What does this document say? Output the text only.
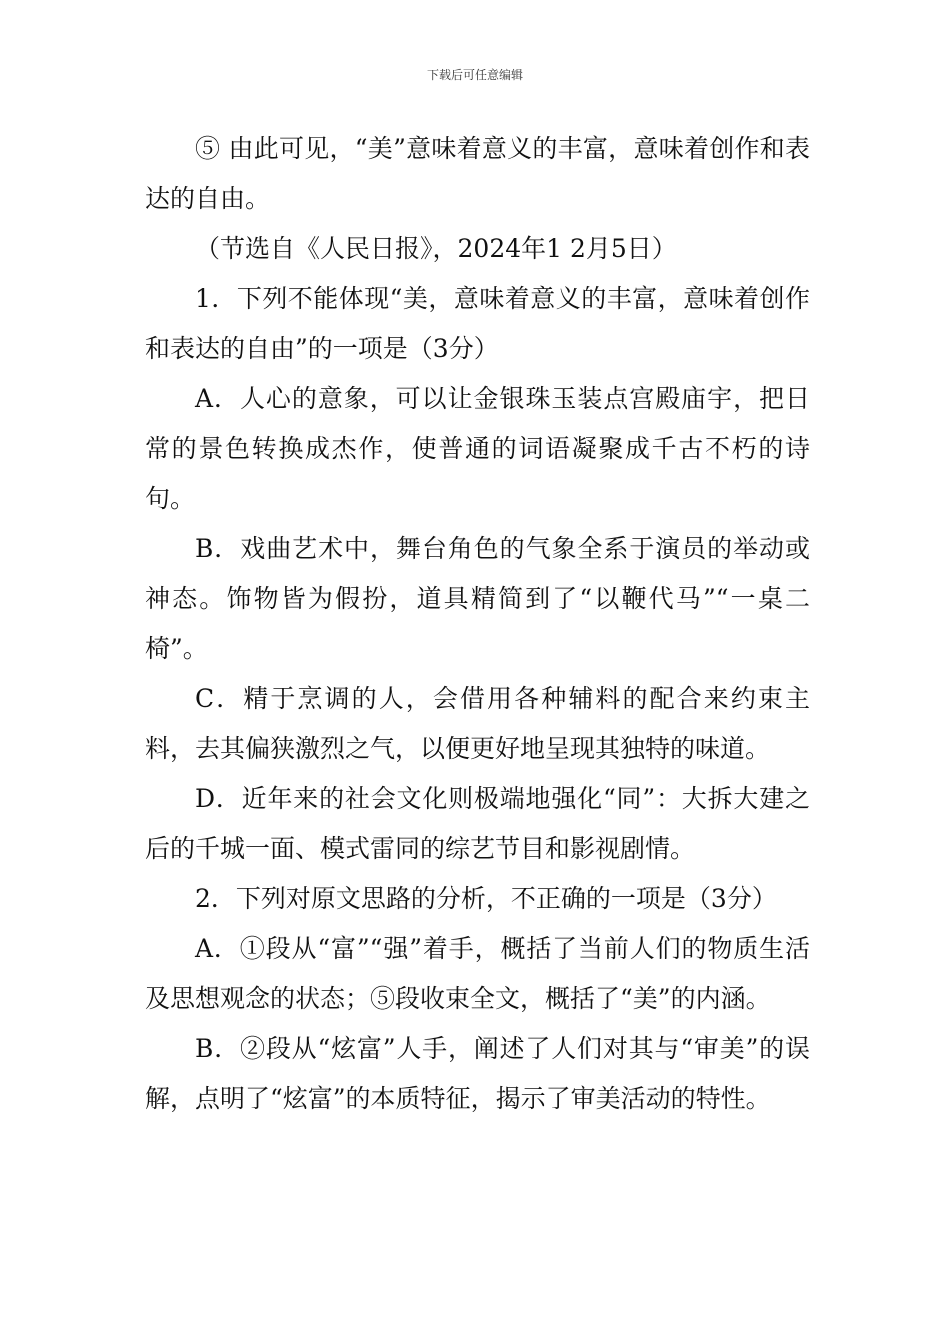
下载后可任意编辑

⑤ 由此可见，“美”意味着意义的丰富，意味着创作和表达的自由。

（节选自《人民日报》，2024年1 2月5日）

1．下列不能体现“美，意味着意义的丰富，意味着创作和表达的自由”的一项是（3分）

A．人心的意象，可以让金银珠玉装点宫殿庙宇，把日常的景色转换成杰作，使普通的词语凝聚成千古不朽的诗句。

B．戏曲艺术中，舞台角色的气象全系于演员的举动或神态。饰物皆为假扮，道具精简到了“以鞭代马”“一桌二椅”。

C．精于烹调的人，会借用各种辅料的配合来约束主料，去其偏狭激烈之气，以便更好地呈现其独特的味道。

D．近年来的社会文化则极端地强化“同”：大拆大建之后的千城一面、模式雷同的综艺节目和影视剧情。

2．下列对原文思路的分析，不正确的一项是（3分）

A．①段从“富”“强”着手，概括了当前人们的物质生活及思想观念的状态；⑤段收束全文，概括了“美”的内涵。

B．②段从“炫富”人手，阐述了人们对其与“审美”的误解，点明了“炫富”的本质特征，揭示了审美活动的特性。
